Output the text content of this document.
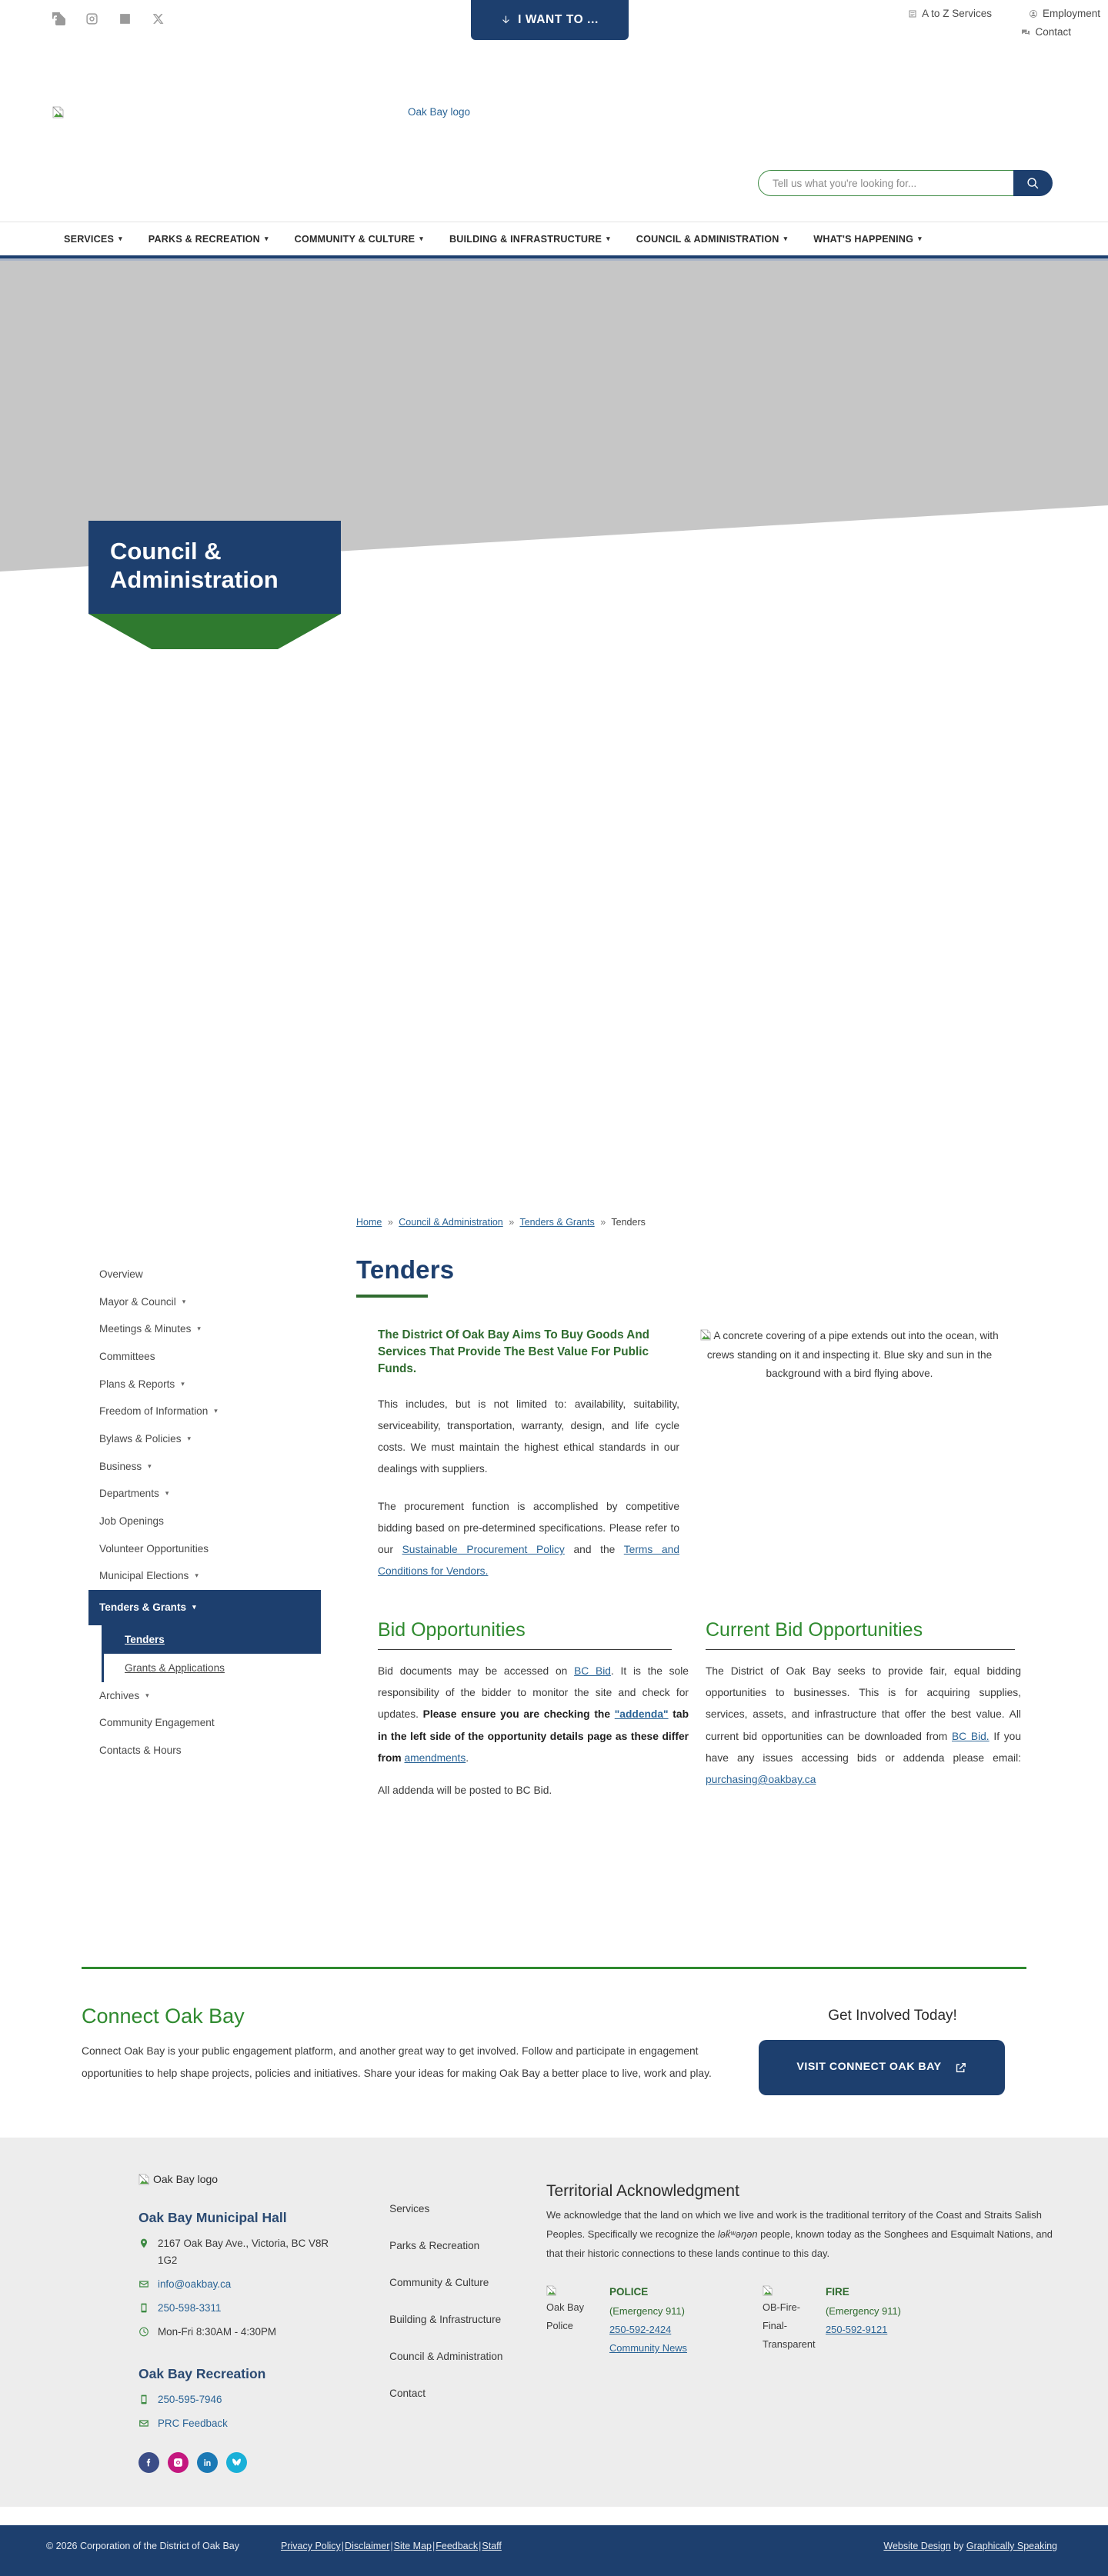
I WANT TO ...	A to Z Services	Employment
Contact
Oak Bay logo
Tell us what you're looking for...
SERVICES ▾	PARKS & RECREATION ▾	COMMUNITY & CULTURE ▾	BUILDING & INFRASTRUCTURE ▾	COUNCIL & ADMINISTRATION ▾	WHAT'S HAPPENING ▾
Council & Administration
Home » Council & Administration » Tenders & Grants » Tenders
Overview
Mayor & Council ▾
Meetings & Minutes ▾
Committees
Plans & Reports ▾
Freedom of Information ▾
Bylaws & Policies ▾
Business ▾
Departments ▾
Job Openings
Volunteer Opportunities
Municipal Elections ▾
Tenders & Grants ▾
Tenders
Grants & Applications
Archives ▾
Community Engagement
Contacts & Hours
Tenders

The District Of Oak Bay Aims To Buy Goods And Services That Provide The Best Value For Public Funds.

This includes, but is not limited to: availability, suitability, serviceability, transportation, warranty, design, and life cycle costs. We must maintain the highest ethical standards in our dealings with suppliers.

The procurement function is accomplished by competitive bidding based on pre-determined specifications. Please refer to our Sustainable Procurement Policy and the Terms and Conditions for Vendors.

A concrete covering of a pipe extends out into the ocean, with crews standing on it and inspecting it. Blue sky and sun in the background with a bird flying above.

Bid Opportunities

Bid documents may be accessed on BC Bid. It is the sole responsibility of the bidder to monitor the site and check for updates. Please ensure you are checking the "addenda" tab in the left side of the opportunity details page as these differ from amendments.

All addenda will be posted to BC Bid.

Current Bid Opportunities

The District of Oak Bay seeks to provide fair, equal bidding opportunities to businesses. This is for acquiring supplies, services, assets, and infrastructure that offer the best value. All current bid opportunities can be downloaded from BC Bid. If you have any issues accessing bids or addenda please email: purchasing@oakbay.ca

Connect Oak Bay

Connect Oak Bay is your public engagement platform, and another great way to get involved. Follow and participate in engagement opportunities to help shape projects, policies and initiatives. Share your ideas for making Oak Bay a better place to live, work and play.

Get Involved Today!
VISIT CONNECT OAK BAY
Oak Bay logo
Oak Bay Municipal Hall
2167 Oak Bay Ave., Victoria, BC V8R 1G2
info@oakbay.ca
250-598-3311
Mon-Fri 8:30AM - 4:30PM
Oak Bay Recreation
250-595-7946
PRC Feedback
Services
Parks & Recreation
Community & Culture
Building & Infrastructure
Council & Administration
Contact
Territorial Acknowledgment

We acknowledge that the land on which we live and work is the traditional territory of the Coast and Straits Salish Peoples. Specifically we recognize the lək̓ʷəŋən people, known today as the Songhees and Esquimalt Nations, and that their historic connections to these lands continue to this day.

Oak Bay Police
POLICE
(Emergency 911)
250-592-2424
Community News
OB-Fire-Final-Transparent
FIRE
(Emergency 911)
250-592-9121
© 2026 Corporation of the District of Oak Bay	Privacy Policy|Disclaimer|Site Map|Feedback|Staff	Website Design by Graphically Speaking
